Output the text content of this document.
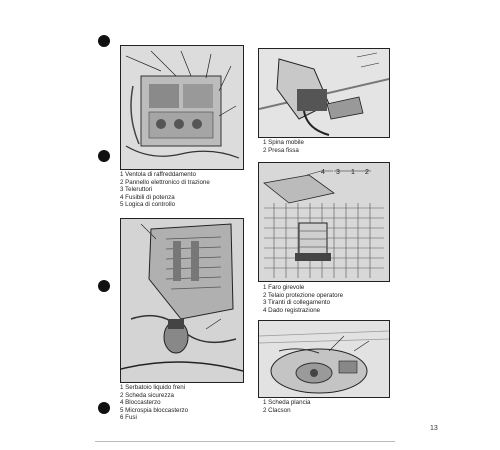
1 Ventola di raffreddamento
2 Pannello elettronico di trazione
3 Teleruttori
4 Fusibili di potenza
5 Logica di controllo
1 Spina mobile
2 Presa fissa
4 3 1 2
1 Faro girevole
2 Telaio protezione operatore
3 Tiranti di collegamento
4 Dado registrazione
1 Serbatoio liquido freni
2 Scheda sicurezza
4 Bloccasterzo
5 Microspia bloccasterzo
6 Fusi
1 Scheda plancia
2 Clacson
13
